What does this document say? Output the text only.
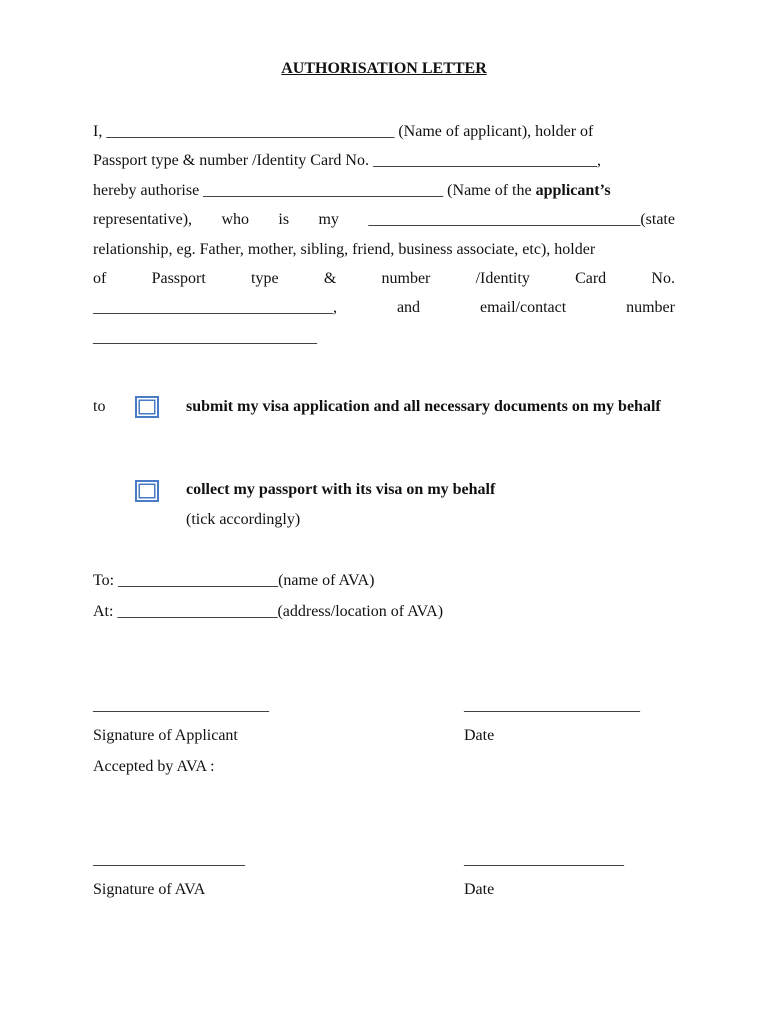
AUTHORISATION LETTER
I, ____________________________________ (Name of applicant), holder of
Passport type & number /Identity Card No. ____________________________,
hereby authorise ______________________________ (Name of the applicant’s
representative), who is my __________________________________(state
relationship, eg. Father, mother, sibling, friend, business associate, etc), holder
of	Passport	type	&	number	/Identity	Card	No.
______________________________,	and	email/contact	number
____________________________
to	submit my visa application and all necessary documents on my behalf
collect my passport with its visa on my behalf
(tick accordingly)
To: ____________________(name of AVA)
At: ____________________(address/location of AVA)
______________________	______________________
Signature of Applicant	Date
Accepted by AVA :
___________________	____________________
Signature of AVA	Date
